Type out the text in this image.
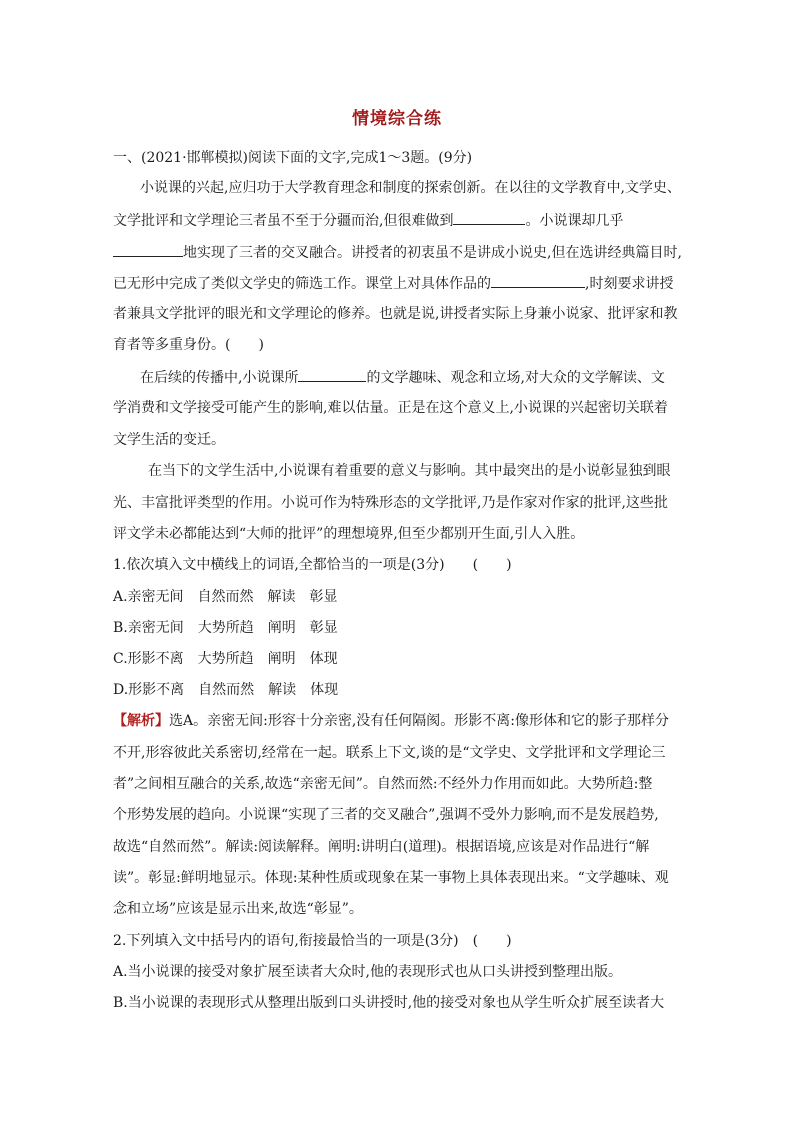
情境综合练
一、(2021·邯郸模拟)阅读下面的文字,完成1～3题。(9分)
小说课的兴起,应归功于大学教育理念和制度的探索创新。在以往的文学教育中,文学史、
文学批评和文学理论三者虽不至于分疆而治,但很难做到	。小说课却几乎
地实现了三者的交叉融合。讲授者的初衷虽不是讲成小说史,但在选讲经典篇目时,
已无形中完成了类似文学史的筛选工作。课堂上对具体作品的	,时刻要求讲授
者兼具文学批评的眼光和文学理论的修养。也就是说,讲授者实际上身兼小说家、批评家和教
育者等多重身份。(　　)
在后续的传播中,小说课所	的文学趣味、观念和立场,对大众的文学解读、文
学消费和文学接受可能产生的影响,难以估量。正是在这个意义上,小说课的兴起密切关联着
文学生活的变迁。
在当下的文学生活中,小说课有着重要的意义与影响。其中最突出的是小说彰显独到眼
光、丰富批评类型的作用。小说可作为特殊形态的文学批评,乃是作家对作家的批评,这些批
评文学未必都能达到“大师的批评”的理想境界,但至少都别开生面,引人入胜。
1.依次填入文中横线上的词语,全都恰当的一项是(3分)　　(　　)
A.亲密无间　自然而然　解读　彰显
B.亲密无间　大势所趋　阐明　彰显
C.形影不离　大势所趋　阐明　体现
D.形影不离　自然而然　解读　体现
【解析】选A。亲密无间:形容十分亲密,没有任何隔阂。形影不离:像形体和它的影子那样分
不开,形容彼此关系密切,经常在一起。联系上下文,谈的是“文学史、文学批评和文学理论三
者”之间相互融合的关系,故选“亲密无间”。自然而然:不经外力作用而如此。大势所趋:整
个形势发展的趋向。小说课“实现了三者的交叉融合”,强调不受外力影响,而不是发展趋势,
故选“自然而然”。解读:阅读解释。阐明:讲明白(道理)。根据语境,应该是对作品进行“解
读”。彰显:鲜明地显示。体现:某种性质或现象在某一事物上具体表现出来。“文学趣味、观
念和立场”应该是显示出来,故选“彰显”。
2.下列填入文中括号内的语句,衔接最恰当的一项是(3分)　(　　)
A.当小说课的接受对象扩展至读者大众时,他的表现形式也从口头讲授到整理出版。
B.当小说课的表现形式从整理出版到口头讲授时,他的接受对象也从学生听众扩展至读者大
